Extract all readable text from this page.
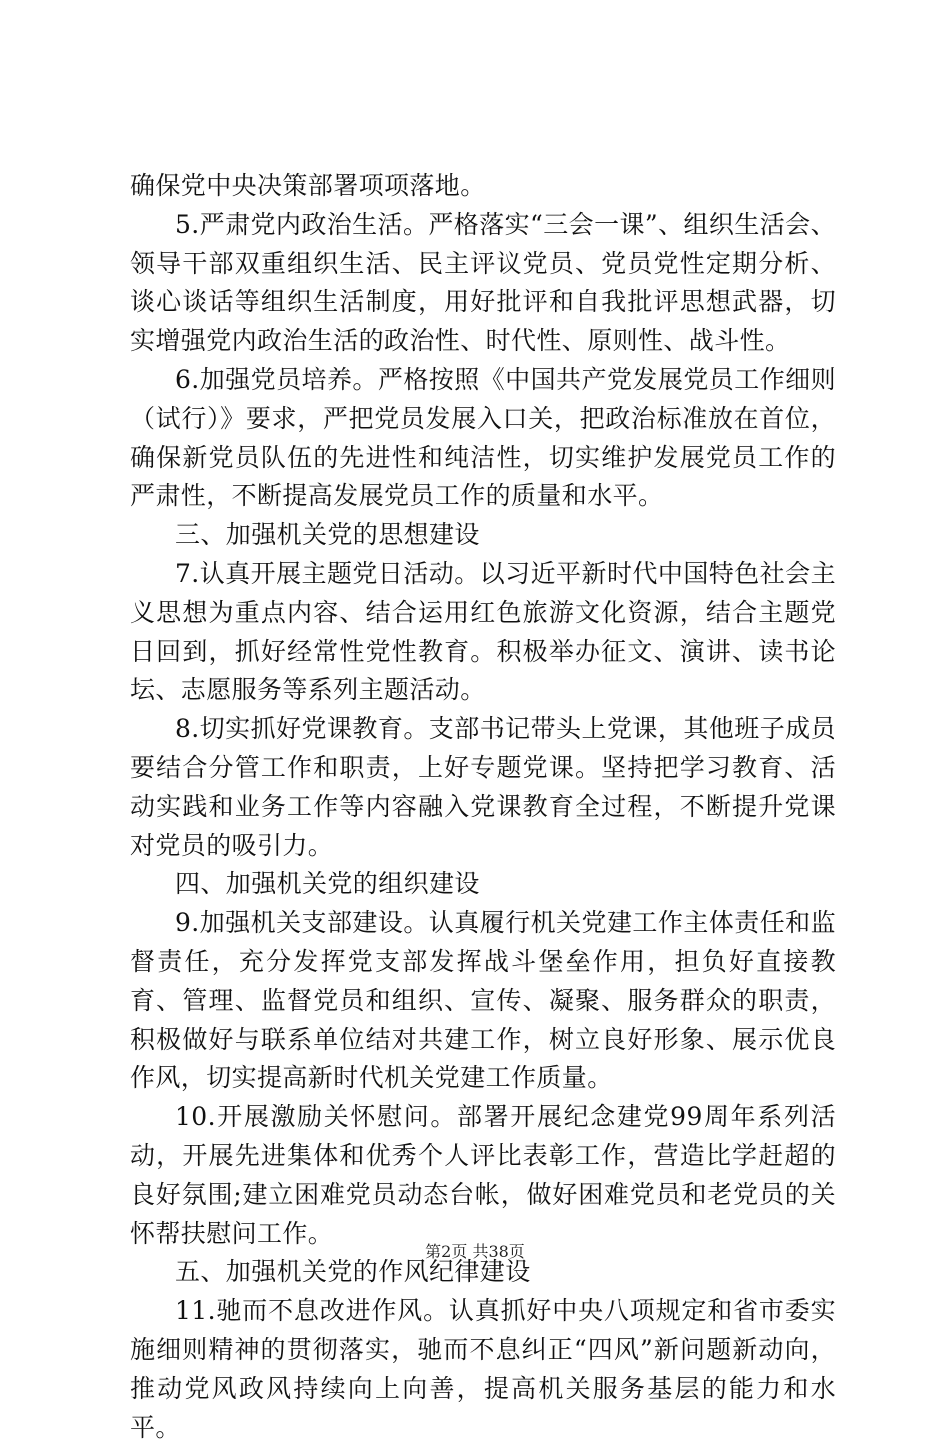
确保党中央决策部署项项落地。

5.严肃党内政治生活。严格落实“三会一课”、组织生活会、领导干部双重组织生活、民主评议党员、党员党性定期分析、谈心谈话等组织生活制度，用好批评和自我批评思想武器，切实增强党内政治生活的政治性、时代性、原则性、战斗性。

6.加强党员培养。严格按照《中国共产党发展党员工作细则（试行）》要求，严把党员发展入口关，把政治标准放在首位，确保新党员队伍的先进性和纯洁性，切实维护发展党员工作的严肃性，不断提高发展党员工作的质量和水平。

三、加强机关党的思想建设

7.认真开展主题党日活动。以习近平新时代中国特色社会主义思想为重点内容、结合运用红色旅游文化资源，结合主题党日回到，抓好经常性党性教育。积极举办征文、演讲、读书论坛、志愿服务等系列主题活动。

8.切实抓好党课教育。支部书记带头上党课，其他班子成员要结合分管工作和职责，上好专题党课。坚持把学习教育、活动实践和业务工作等内容融入党课教育全过程，不断提升党课对党员的吸引力。

四、加强机关党的组织建设

9.加强机关支部建设。认真履行机关党建工作主体责任和监督责任，充分发挥党支部发挥战斗堡垒作用，担负好直接教育、管理、监督党员和组织、宣传、凝聚、服务群众的职责，积极做好与联系单位结对共建工作，树立良好形象、展示优良作风，切实提高新时代机关党建工作质量。

10.开展激励关怀慰问。部署开展纪念建党99周年系列活动，开展先进集体和优秀个人评比表彰工作，营造比学赶超的良好氛围;建立困难党员动态台帐，做好困难党员和老党员的关怀帮扶慰问工作。

五、加强机关党的作风纪律建设

11.驰而不息改进作风。认真抓好中央八项规定和省市委实施细则精神的贯彻落实，驰而不息纠正“四风”新问题新动向，推动党风政风持续向上向善，提高机关服务基层的能力和水平。

第2页 共38页
